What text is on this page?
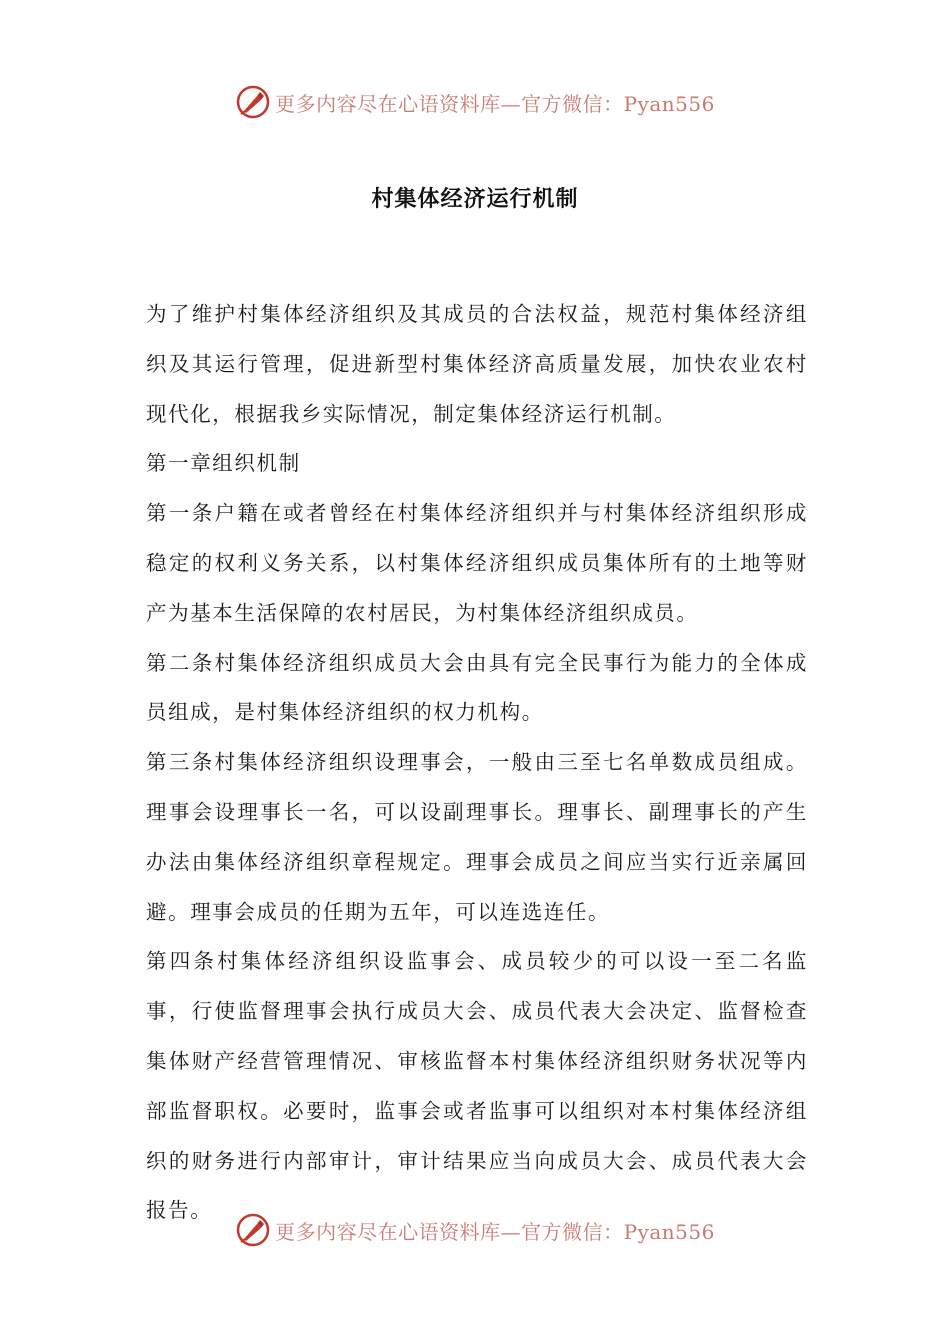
更多内容尽在心语资料库—官方微信：Pyan556
村集体经济运行机制

为了维护村集体经济组织及其成员的合法权益，规范村集体经济组织及其运行管理，促进新型村集体经济高质量发展，加快农业农村现代化，根据我乡实际情况，制定集体经济运行机制。

第一章组织机制

第一条户籍在或者曾经在村集体经济组织并与村集体经济组织形成稳定的权利义务关系，以村集体经济组织成员集体所有的土地等财产为基本生活保障的农村居民，为村集体经济组织成员。

第二条村集体经济组织成员大会由具有完全民事行为能力的全体成员组成，是村集体经济组织的权力机构。

第三条村集体经济组织设理事会，一般由三至七名单数成员组成。理事会设理事长一名，可以设副理事长。理事长、副理事长的产生办法由集体经济组织章程规定。理事会成员之间应当实行近亲属回避。理事会成员的任期为五年，可以连选连任。

第四条村集体经济组织设监事会、成员较少的可以设一至二名监事，行使监督理事会执行成员大会、成员代表大会决定、监督检查集体财产经营管理情况、审核监督本村集体经济组织财务状况等内部监督职权。必要时，监事会或者监事可以组织对本村集体经济组织的财务进行内部审计，审计结果应当向成员大会、成员代表大会报告。

更多内容尽在心语资料库—官方微信：Pyan556
